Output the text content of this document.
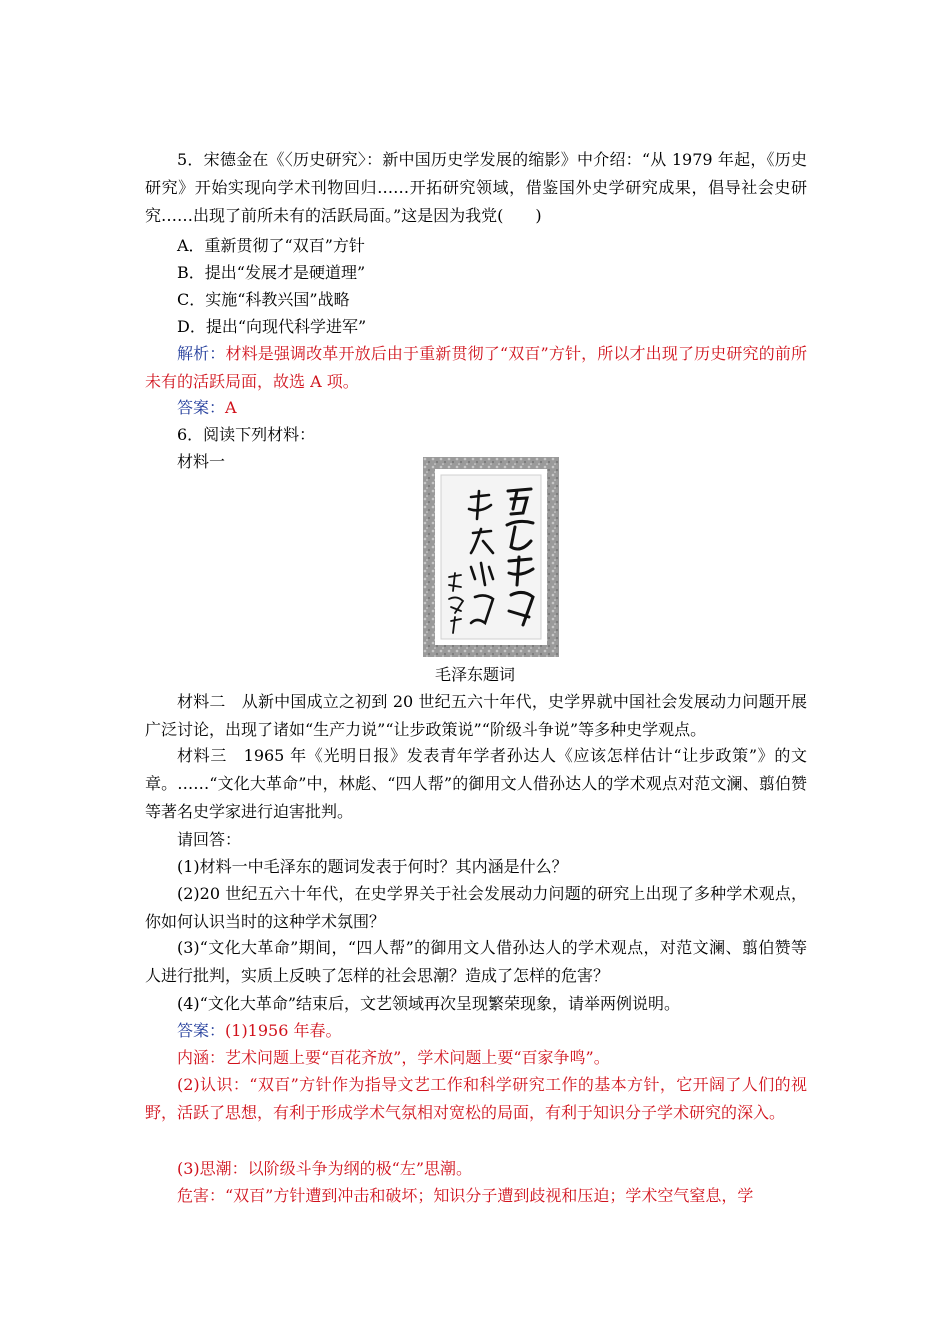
5．宋德金在《〈历史研究〉：新中国历史学发展的缩影》中介绍：“从 1979 年起，《历史研究》开始实现向学术刊物回归……开拓研究领域，借鉴国外史学研究成果，倡导社会史研究……出现了前所未有的活跃局面。”这是因为我党(　　)

A．重新贯彻了“双百”方针

B．提出“发展才是硬道理”

C．实施“科教兴国”战略

D．提出“向现代科学进军”

解析：材料是强调改革开放后由于重新贯彻了“双百”方针，所以才出现了历史研究的前所未有的活跃局面，故选 A 项。

答案：A

6．阅读下列材料：

材料一

毛泽东题词

材料二　从新中国成立之初到 20 世纪五六十年代，史学界就中国社会发展动力问题开展广泛讨论，出现了诸如“生产力说”“让步政策说”“阶级斗争说”等多种史学观点。

材料三　1965 年《光明日报》发表青年学者孙达人《应该怎样估计“让步政策”》的文章。……“文化大革命”中，林彪、“四人帮”的御用文人借孙达人的学术观点对范文澜、翦伯赞等著名史学家进行迫害批判。

请回答：

(1)材料一中毛泽东的题词发表于何时？其内涵是什么？

(2)20 世纪五六十年代，在史学界关于社会发展动力问题的研究上出现了多种学术观点，你如何认识当时的这种学术氛围？

(3)“文化大革命”期间，“四人帮”的御用文人借孙达人的学术观点，对范文澜、翦伯赞等人进行批判，实质上反映了怎样的社会思潮？造成了怎样的危害？

(4)“文化大革命”结束后，文艺领域再次呈现繁荣现象，请举两例说明。

答案：(1)1956 年春。

内涵：艺术问题上要“百花齐放”，学术问题上要“百家争鸣”。

(2)认识：“双百”方针作为指导文艺工作和科学研究工作的基本方针，它开阔了人们的视野，活跃了思想，有利于形成学术气氛相对宽松的局面，有利于知识分子学术研究的深入。

(3)思潮：以阶级斗争为纲的极“左”思潮。

危害：“双百”方针遭到冲击和破坏；知识分子遭到歧视和压迫；学术空气窒息，学
